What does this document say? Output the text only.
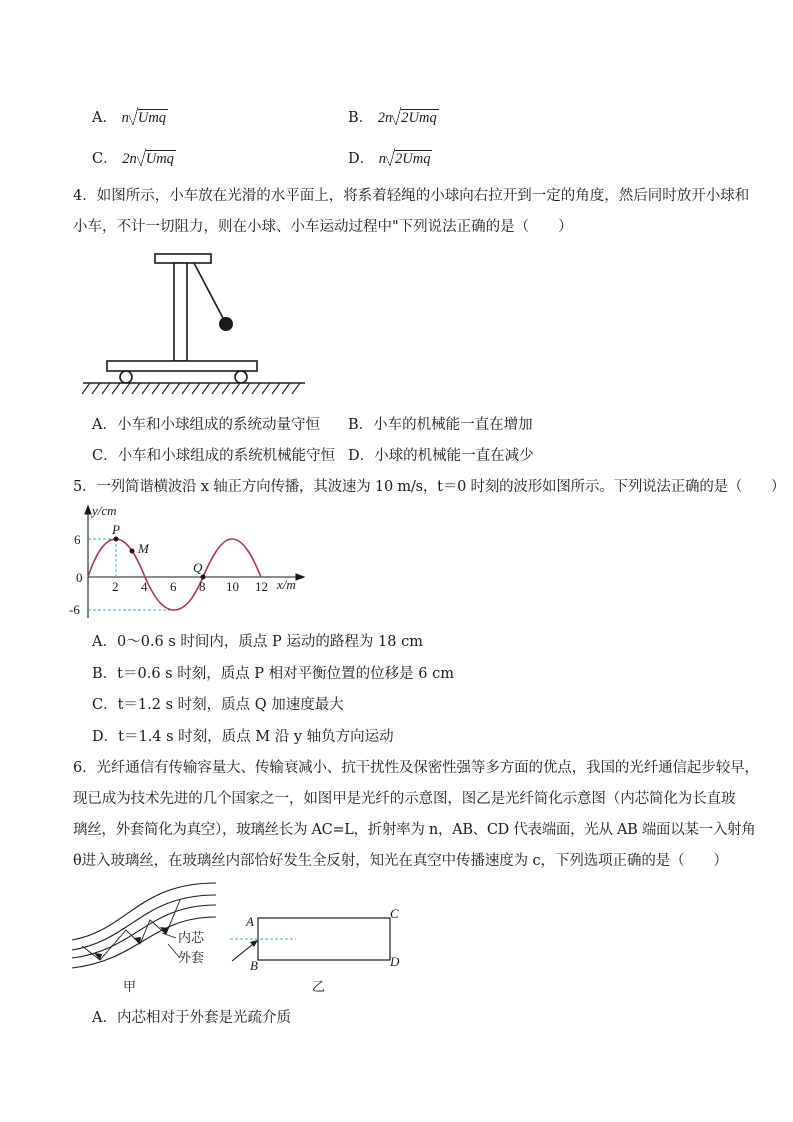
A． n Umq	B． 2n 2Umq
C． 2n Umq	D． n 2Umq
4．如图所示，小车放在光滑的水平面上，将系着轻绳的小球向右拉开到一定的角度，然后同时放开小球和
小车，不计一切阻力，则在小球、小车运动过程中"下列说法正确的是（　　）
A．小车和小球组成的系统动量守恒 B．小车的机械能一直在增加
C．小车和小球组成的系统机械能守恒 D．小球的机械能一直在减少
5．一列简谐横波沿 x 轴正方向传播，其波速为 10 m/s，t＝0 时刻的波形如图所示。下列说法正确的是（　　）
y/cm
x/m
6
0
-6
2 4 6 8 10 12
P
M
Q
A．0～0.6 s 时间内，质点 P 运动的路程为 18 cm
B．t＝0.6 s 时刻，质点 P 相对平衡位置的位移是 6 cm
C．t＝1.2 s 时刻，质点 Q 加速度最大
D．t＝1.4 s 时刻，质点 M 沿 y 轴负方向运动
6．光纤通信有传输容量大、传输衰减小、抗干扰性及保密性强等多方面的优点，我国的光纤通信起步较早，
现已成为技术先进的几个国家之一，如图甲是光纤的示意图，图乙是光纤简化示意图（内芯简化为长直玻
璃丝，外套简化为真空），玻璃丝长为 AC=L，折射率为 n，AB、CD 代表端面，光从 AB 端面以某一入射角
θ进入玻璃丝，在玻璃丝内部恰好发生全反射，知光在真空中传播速度为 c，下列选项正确的是（　　）
内芯
外套
甲
A
B
C
D
乙
A．内芯相对于外套是光疏介质
